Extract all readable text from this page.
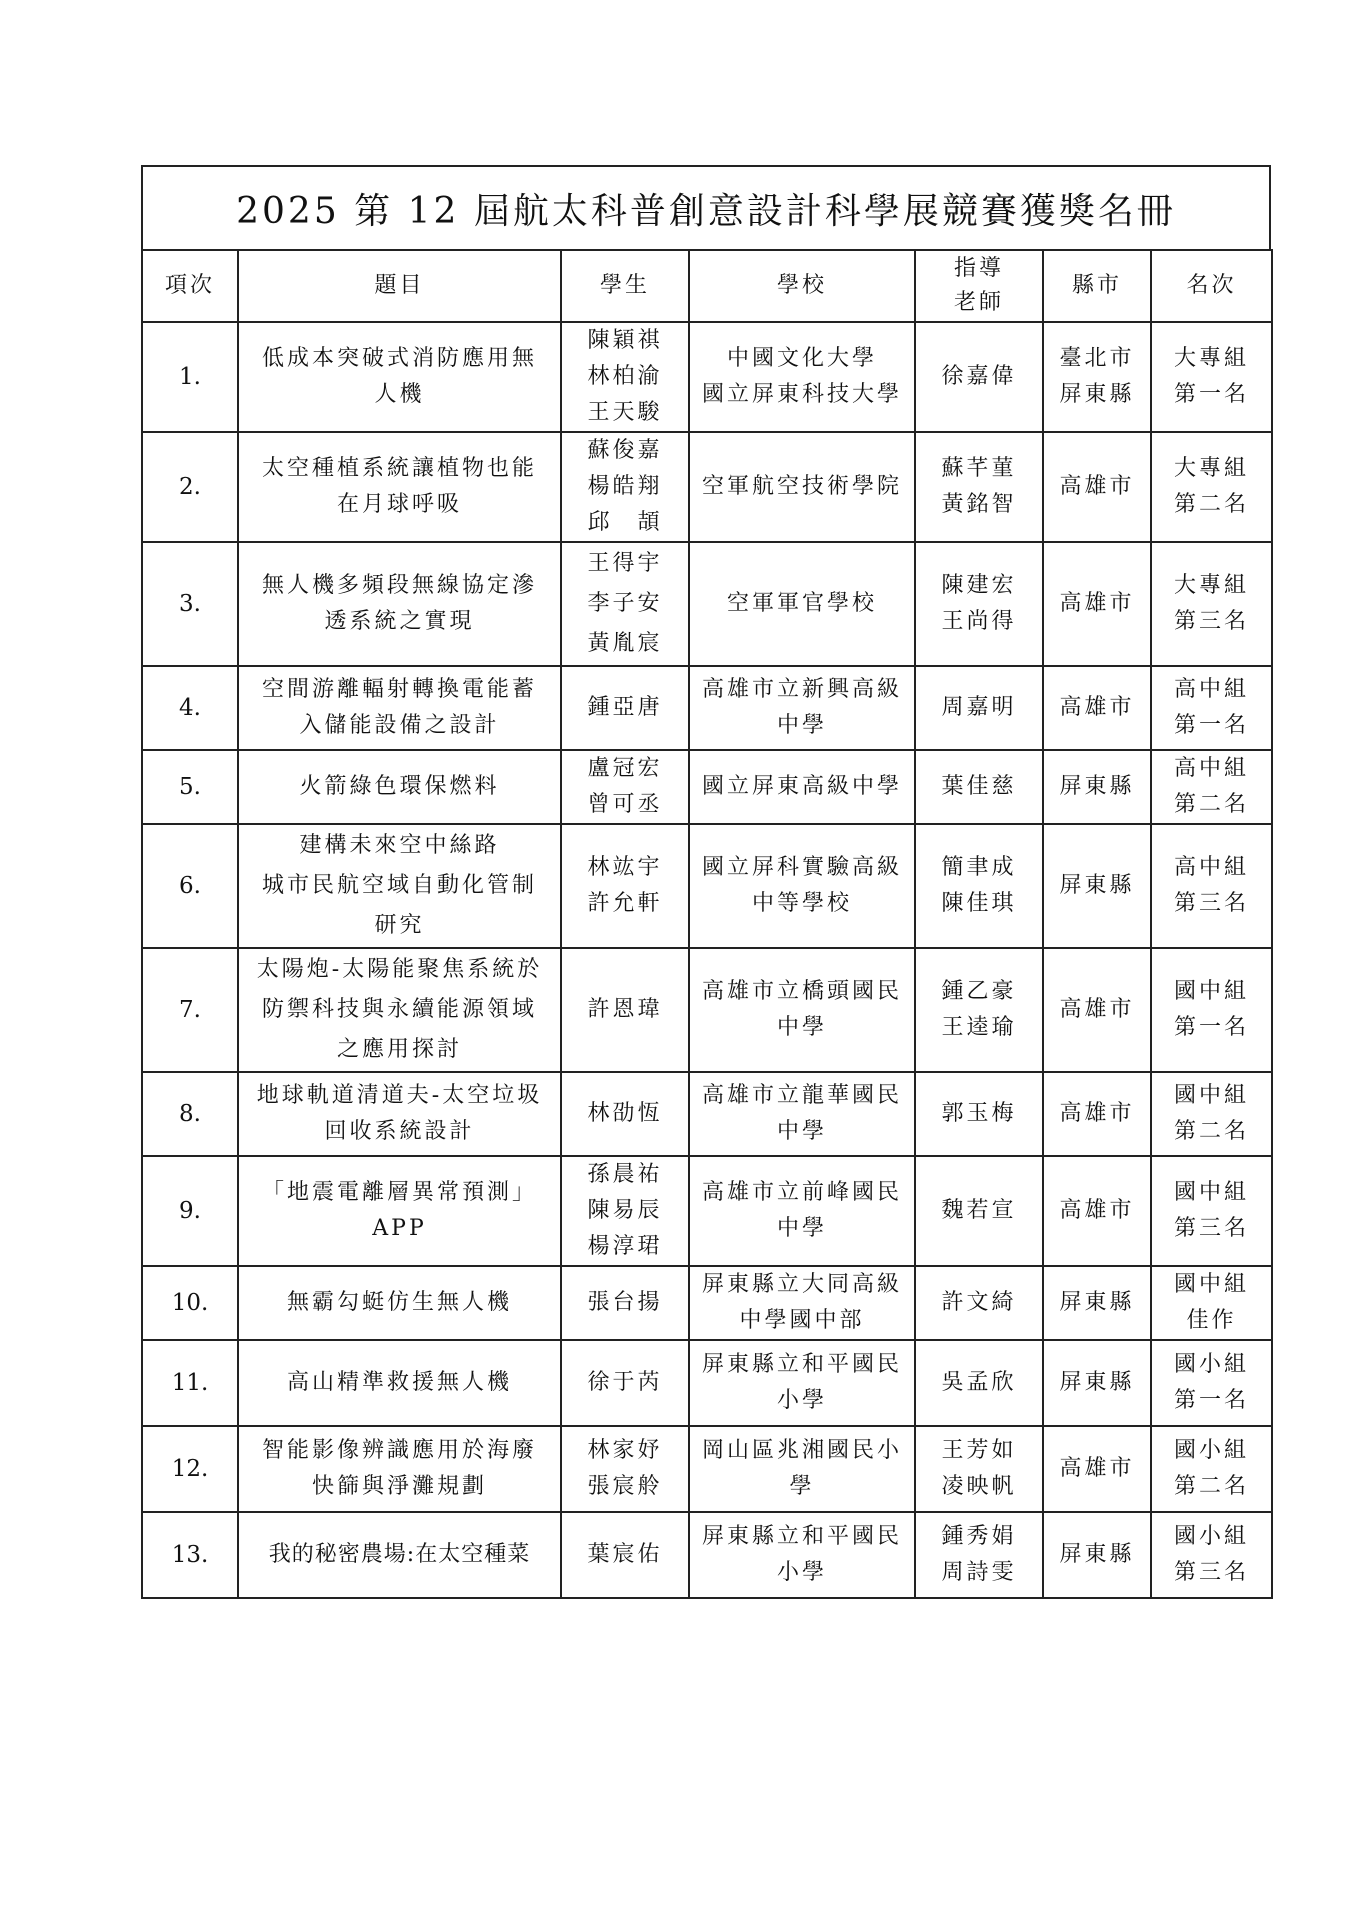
2025 第 12 屆航太科普創意設計科學展競賽獲獎名冊
項次	題目	學生	學校	指導
老師	縣市	名次
1.	低成本突破式消防應用無
人機	陳穎祺
林柏渝
王天駿	中國文化大學
國立屏東科技大學	徐嘉偉	臺北市
屏東縣	大專組
第一名
2.	太空種植系統讓植物也能
在月球呼吸	蘇俊嘉
楊皓翔
邱　頡	空軍航空技術學院	蘇芊菫
黃銘智	高雄市	大專組
第二名
3.	無人機多頻段無線協定滲
透系統之實現	王得宇
李子安
黃胤宸	空軍軍官學校	陳建宏
王尚得	高雄市	大專組
第三名
4.	空間游離輻射轉換電能蓄
入儲能設備之設計	鍾亞唐	高雄市立新興高級
中學	周嘉明	高雄市	高中組
第一名
5.	火箭綠色環保燃料	盧冠宏
曾可丞	國立屏東高級中學	葉佳慈	屏東縣	高中組
第二名
6.	建構未來空中絲路
城市民航空域自動化管制
研究	林竑宇
許允軒	國立屏科實驗高級
中等學校	簡聿成
陳佳琪	屏東縣	高中組
第三名
7.	太陽炮-太陽能聚焦系統於
防禦科技與永續能源領域
之應用探討	許恩瑋	高雄市立橋頭國民
中學	鍾乙豪
王逵瑜	高雄市	國中組
第一名
8.	地球軌道清道夫-太空垃圾
回收系統設計	林劭恆	高雄市立龍華國民
中學	郭玉梅	高雄市	國中組
第二名
9.	「地震電離層異常預測」
APP	孫晨祐
陳易辰
楊淳珺	高雄市立前峰國民
中學	魏若宣	高雄市	國中組
第三名
10.	無霸勾蜓仿生無人機	張台揚	屏東縣立大同高級
中學國中部	許文綺	屏東縣	國中組
佳作
11.	高山精準救援無人機	徐于芮	屏東縣立和平國民
小學	吳孟欣	屏東縣	國小組
第一名
12.	智能影像辨識應用於海廢
快篩與淨灘規劃	林家妤
張宸舲	岡山區兆湘國民小
學	王芳如
凌映帆	高雄市	國小組
第二名
13.	我的秘密農場:在太空種菜	葉宸佑	屏東縣立和平國民
小學	鍾秀娟
周詩雯	屏東縣	國小組
第三名
